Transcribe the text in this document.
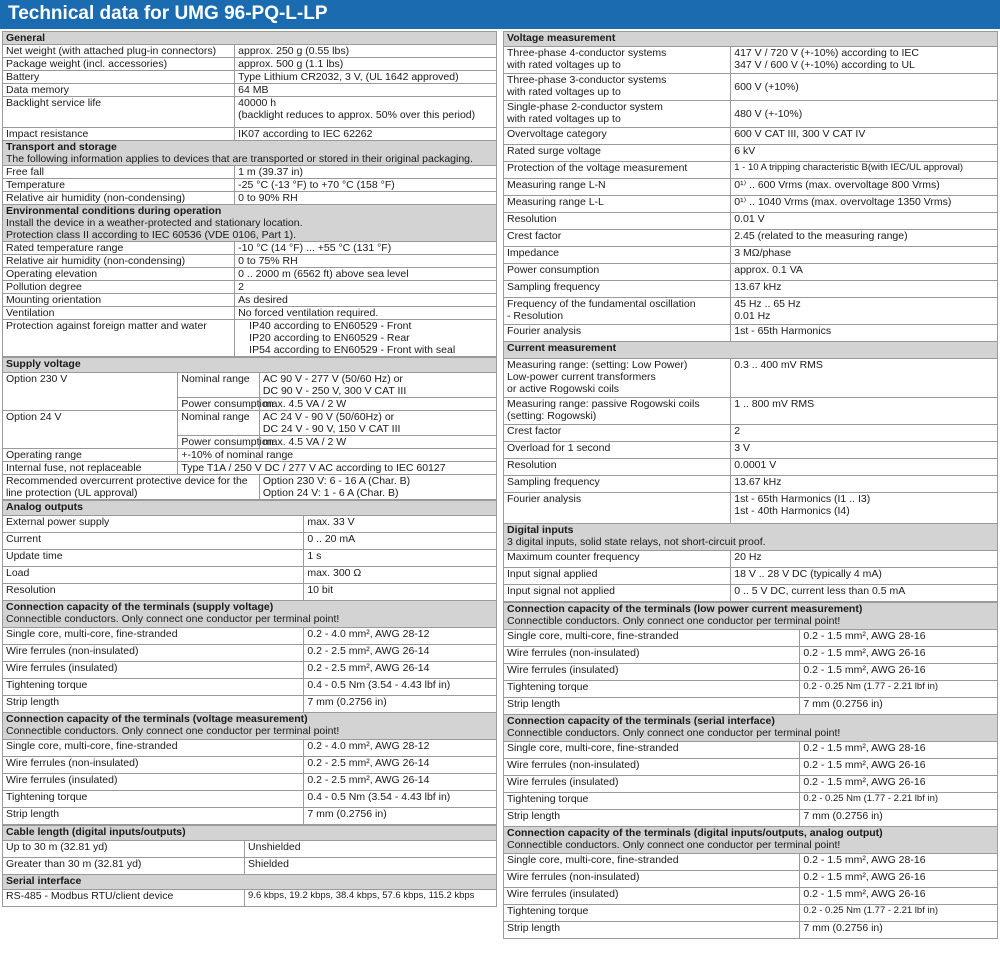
Technical data for UMG 96-PQ-L-LP
General	
Net weight (with attached plug-in connectors)	approx. 250 g (0.55 lbs)
Package weight (incl. accessories)	approx. 500 g (1.1 lbs)
Battery	Type Lithium CR2032, 3 V, (UL 1642 approved)
Data memory	64 MB
Backlight service life	40000 h
(backlight reduces to approx. 50% over this period)
Impact resistance	IK07 according to IEC 62262
Transport and storage
The following information applies to devices that are transported or stored in their original packaging.	

Free fall	1 m (39.37 in)
Temperature	-25 °C (-13 °F) to +70 °C (158 °F)
Relative air humidity (non-condensing)	0 to 90% RH
Environmental conditions during operation
Install the device in a weather-protected and stationary location.
Protection class II according to IEC 60536 (VDE 0106, Part 1).	

Rated temperature range	-10 °C (14 °F) ... +55 °C (131 °F)
Relative air humidity (non-condensing)	0 to 75% RH
Operating elevation	0 .. 2000 m (6562 ft) above sea level
Pollution degree	2
Mounting orientation	As desired
Ventilation	No forced ventilation required.
Protection against foreign matter and water	IP40 according to EN60529 - Front
IP20 according to EN60529 - Rear
IP54 according to EN60529 - Front with seal
Supply voltage		
Option 230 V	Nominal range	AC 90 V - 277 V (50/60 Hz) or
DC 90 V - 250 V, 300 V CAT III
	Power consumption	max. 4.5 VA / 2 W
Option 24 V	Nominal range	AC 24 V - 90 V (50/60Hz) or
DC 24 V - 90 V, 150 V CAT III
	Power consumption	max. 4.5 VA / 2 W
Operating range	+-10% of nominal range	
Internal fuse, not replaceable	Type T1A / 250 V DC / 277 V AC according to IEC 60127	
Recommended overcurrent protective device for the
line protection (UL approval)		Option 230 V: 6 - 16 A (Char. B)
Option 24 V: 1 - 6 A (Char. B)
Analog outputs	
External power supply	max. 33 V
Current	0 .. 20 mA
Update time	1 s
Load	max. 300 Ω
Resolution	10 bit
Connection capacity of the terminals (supply voltage)
Connectible conductors. Only connect one conductor per terminal point!	

Single core, multi-core, fine-stranded	0.2 - 4.0 mm², AWG 28-12
Wire ferrules (non-insulated)	0.2 - 2.5 mm², AWG 26-14
Wire ferrules (insulated)	0.2 - 2.5 mm², AWG 26-14
Tightening torque	0.4 - 0.5 Nm (3.54 - 4.43 lbf in)
Strip length	7 mm (0.2756 in)
Connection capacity of the terminals (voltage measurement)
Connectible conductors. Only connect one conductor per terminal point!	

Single core, multi-core, fine-stranded	0.2 - 4.0 mm², AWG 28-12
Wire ferrules (non-insulated)	0.2 - 2.5 mm², AWG 26-14
Wire ferrules (insulated)	0.2 - 2.5 mm², AWG 26-14
Tightening torque	0.4 - 0.5 Nm (3.54 - 4.43 lbf in)
Strip length	7 mm (0.2756 in)
Cable length (digital inputs/outputs)	
Up to 30 m (32.81 yd)	Unshielded
Greater than 30 m (32.81 yd)	Shielded
Serial interface	
RS-485 - Modbus RTU/client device	9.6 kbps, 19.2 kbps, 38.4 kbps, 57.6 kbps, 115.2 kbps
Voltage measurement	
Three-phase 4-conductor systems
with rated voltages up to	417 V / 720 V (+-10%) according to IEC
347 V / 600 V (+-10%) according to UL
Three-phase 3-conductor systems
with rated voltages up to	600 V (+10%)
Single-phase 2-conductor system
with rated voltages up to	480 V (+-10%)
Overvoltage category	600 V CAT III, 300 V CAT IV
Rated surge voltage	6 kV
Protection of the voltage measurement	1 - 10 A tripping characteristic B(with IEC/UL approval)
Measuring range L-N	0¹⁾ .. 600 Vrms (max. overvoltage 800 Vrms)
Measuring range L-L	0¹⁾ .. 1040 Vrms (max. overvoltage 1350 Vrms)
Resolution	0.01 V
Crest factor	2.45 (related to the measuring range)
Impedance	3 MΩ/phase
Power consumption	approx. 0.1 VA
Sampling frequency	13.67 kHz
Frequency of the fundamental oscillation
- Resolution	45 Hz .. 65 Hz
0.01 Hz
Fourier analysis	1st - 65th Harmonics
Current measurement	
Measuring range: (setting: Low Power)
Low-power current transformers
or active Rogowski coils	0.3 .. 400 mV RMS
Measuring range: passive Rogowski coils
(setting: Rogowski)	1 .. 800 mV RMS
Crest factor	2
Overload for 1 second	3 V
Resolution	0.0001 V
Sampling frequency	13.67 kHz
Fourier analysis	1st - 65th Harmonics (I1 .. I3)
1st - 40th Harmonics (I4)
Digital inputs
3 digital inputs, solid state relays, not short-circuit proof.	

Maximum counter frequency	20 Hz
Input signal applied	18 V .. 28 V DC (typically 4 mA)
Input signal not applied	0 .. 5 V DC, current less than 0.5 mA
Connection capacity of the terminals (low power current measurement)
Connectible conductors. Only connect one conductor per terminal point!	

Single core, multi-core, fine-stranded	0.2 - 1.5 mm², AWG 28-16
Wire ferrules (non-insulated)	0.2 - 1.5 mm², AWG 26-16
Wire ferrules (insulated)	0.2 - 1.5 mm², AWG 26-16
Tightening torque	0.2 - 0.25 Nm (1.77 - 2.21 lbf in)
Strip length	7 mm (0.2756 in)
Connection capacity of the terminals (serial interface)
Connectible conductors. Only connect one conductor per terminal point!	

Single core, multi-core, fine-stranded	0.2 - 1.5 mm², AWG 28-16
Wire ferrules (non-insulated)	0.2 - 1.5 mm², AWG 26-16
Wire ferrules (insulated)	0.2 - 1.5 mm², AWG 26-16
Tightening torque	0.2 - 0.25 Nm (1.77 - 2.21 lbf in)
Strip length	7 mm (0.2756 in)
Connection capacity of the terminals (digital inputs/outputs, analog output)
Connectible conductors. Only connect one conductor per terminal point!	

Single core, multi-core, fine-stranded	0.2 - 1.5 mm², AWG 28-16
Wire ferrules (non-insulated)	0.2 - 1.5 mm², AWG 26-16
Wire ferrules (insulated)	0.2 - 1.5 mm², AWG 26-16
Tightening torque	0.2 - 0.25 Nm (1.77 - 2.21 lbf in)
Strip length	7 mm (0.2756 in)
